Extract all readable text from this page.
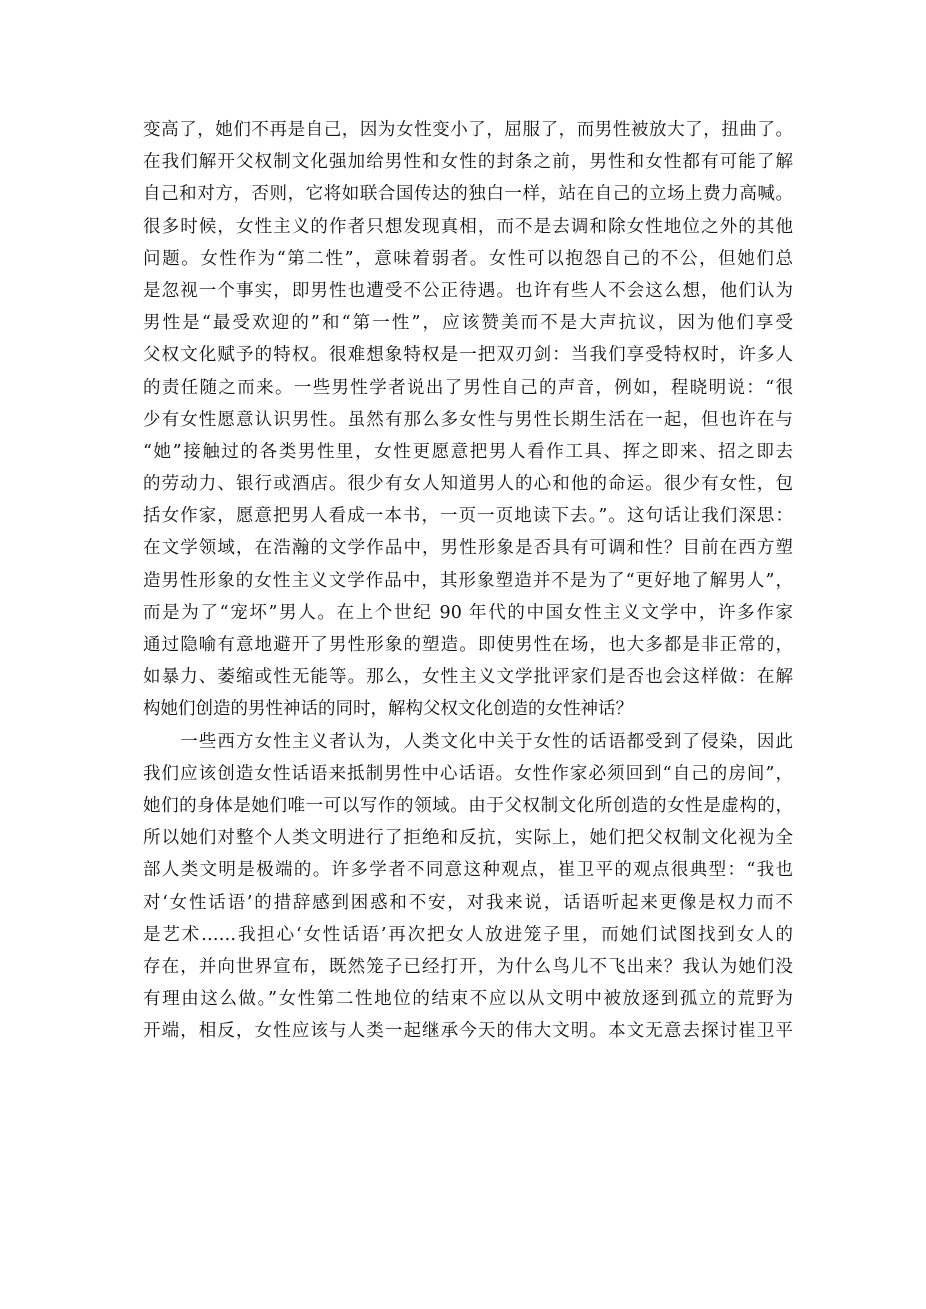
变高了，她们不再是自己，因为女性变小了，屈服了，而男性被放大了，扭曲了。
在我们解开父权制文化强加给男性和女性的封条之前，男性和女性都有可能了解
自己和对方，否则，它将如联合国传达的独白一样，站在自己的立场上费力高喊。
很多时候，女性主义的作者只想发现真相，而不是去调和除女性地位之外的其他
问题。女性作为“第二性”，意味着弱者。女性可以抱怨自己的不公，但她们总
是忽视一个事实，即男性也遭受不公正待遇。也许有些人不会这么想，他们认为
男性是“最受欢迎的”和“第一性”，应该赞美而不是大声抗议，因为他们享受
父权文化赋予的特权。很难想象特权是一把双刃剑：当我们享受特权时，许多人
的责任随之而来。一些男性学者说出了男性自己的声音，例如，程晓明说：“很
少有女性愿意认识男性。虽然有那么多女性与男性长期生活在一起，但也许在与
“她”接触过的各类男性里，女性更愿意把男人看作工具、挥之即来、招之即去
的劳动力、银行或酒店。很少有女人知道男人的心和他的命运。很少有女性，包
括女作家，愿意把男人看成一本书，一页一页地读下去。”。这句话让我们深思：
在文学领域，在浩瀚的文学作品中，男性形象是否具有可调和性？目前在西方塑
造男性形象的女性主义文学作品中，其形象塑造并不是为了“更好地了解男人”，
而是为了“宠坏”男人。在上个世纪 90 年代的中国女性主义文学中，许多作家
通过隐喻有意地避开了男性形象的塑造。即使男性在场，也大多都是非正常的，
如暴力、萎缩或性无能等。那么，女性主义文学批评家们是否也会这样做：在解
构她们创造的男性神话的同时，解构父权文化创造的女性神话？
　　一些西方女性主义者认为，人类文化中关于女性的话语都受到了侵染，因此
我们应该创造女性话语来抵制男性中心话语。女性作家必须回到“自己的房间”，
她们的身体是她们唯一可以写作的领域。由于父权制文化所创造的女性是虚构的，
所以她们对整个人类文明进行了拒绝和反抗，实际上，她们把父权制文化视为全
部人类文明是极端的。许多学者不同意这种观点，崔卫平的观点很典型：“我也
对‘女性话语’的措辞感到困惑和不安，对我来说，话语听起来更像是权力而不
是艺术……我担心‘女性话语’再次把女人放进笼子里，而她们试图找到女人的
存在，并向世界宣布，既然笼子已经打开，为什么鸟儿不飞出来？我认为她们没
有理由这么做。”女性第二性地位的结束不应以从文明中被放逐到孤立的荒野为
开端，相反，女性应该与人类一起继承今天的伟大文明。本文无意去探讨崔卫平
